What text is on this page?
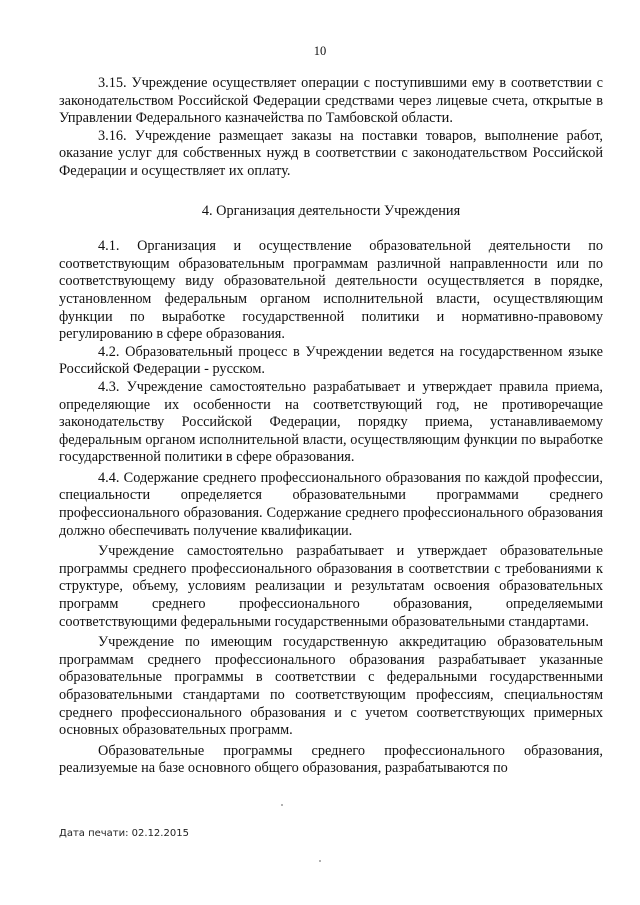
10

3.15. Учреждение осуществляет операции с поступившими ему в соответствии с законодательством Российской Федерации средствами через лицевые счета, открытые в Управлении Федерального казначейства по Тамбовской области.

3.16. Учреждение размещает заказы на поставки товаров, выполнение работ, оказание услуг для собственных нужд в соответствии с законодательством Российской Федерации и осуществляет их оплату.

4. Организация деятельности Учреждения

4.1. Организация и осуществление образовательной деятельности по соответствующим образовательным программам различной направленности или по соответствующему виду образовательной деятельности осуществляется в порядке, установленном федеральным органом исполнительной власти, осуществляющим функции по выработке государственной политики и нормативно-правовому регулированию в сфере образования.

4.2. Образовательный процесс в Учреждении ведется на государственном языке Российской Федерации - русском.

4.3. Учреждение самостоятельно разрабатывает и утверждает правила приема, определяющие их особенности на соответствующий год, не противоречащие законодательству Российской Федерации, порядку приема, устанавливаемому федеральным органом исполнительной власти, осуществляющим функции по выработке государственной политики в сфере образования.

4.4. Содержание среднего профессионального образования по каждой профессии, специальности определяется образовательными программами среднего профессионального образования. Содержание среднего профессионального образования должно обеспечивать получение квалификации.

Учреждение самостоятельно разрабатывает и утверждает образовательные программы среднего профессионального образования в соответствии с требованиями к структуре, объему, условиям реализации и результатам освоения образовательных программ среднего профессионального образования, определяемыми соответствующими федеральными государственными образовательными стандартами.

Учреждение по имеющим государственную аккредитацию образовательным программам среднего профессионального образования разрабатывает указанные образовательные программы в соответствии с федеральными государственными образовательными стандартами по соответствующим профессиям, специальностям среднего профессионального образования и с учетом соответствующих примерных основных образовательных программ.

Образовательные программы среднего профессионального образования, реализуемые на базе основного общего образования, разрабатываются по

Дата печати: 02.12.2015
